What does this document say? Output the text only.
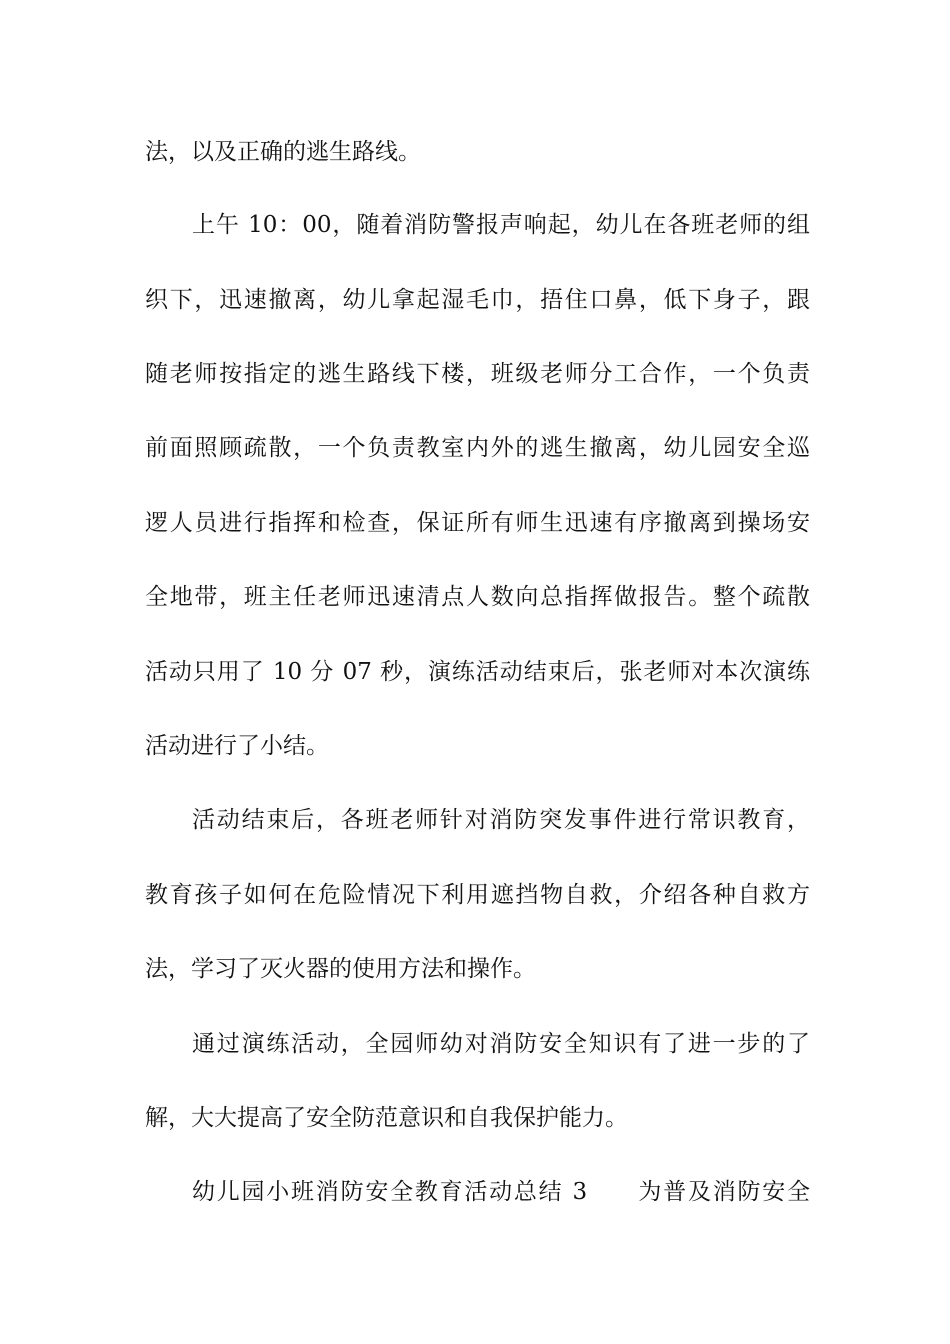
法，以及正确的逃生路线。
上午 10：00，随着消防警报声响起，幼儿在各班老师的组
织下，迅速撤离，幼儿拿起湿毛巾，捂住口鼻，低下身子，跟
随老师按指定的逃生路线下楼，班级老师分工合作，一个负责
前面照顾疏散，一个负责教室内外的逃生撤离，幼儿园安全巡
逻人员进行指挥和检查，保证所有师生迅速有序撤离到操场安
全地带，班主任老师迅速清点人数向总指挥做报告。整个疏散
活动只用了 10 分 07 秒，演练活动结束后，张老师对本次演练
活动进行了小结。
活动结束后，各班老师针对消防突发事件进行常识教育，
教育孩子如何在危险情况下利用遮挡物自救，介绍各种自救方
法，学习了灭火器的使用方法和操作。
通过演练活动，全园师幼对消防安全知识有了进一步的了
解，大大提高了安全防范意识和自我保护能力。
幼儿园小班消防安全教育活动总结 3　　为普及消防安全
